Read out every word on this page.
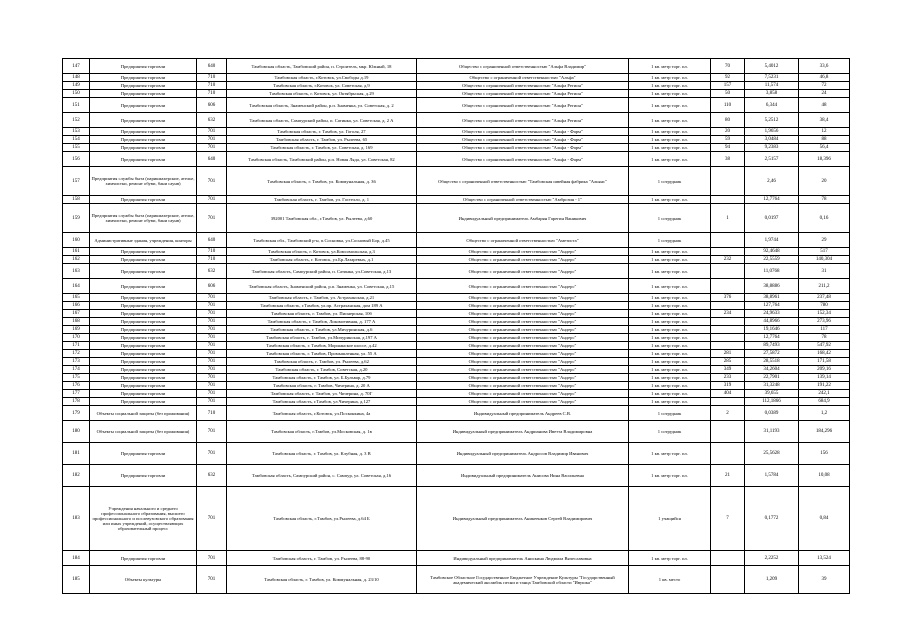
147	Предприятия торговли	640	Тамбовская область, Тамбовский район, п. Строитель, мкр. Южный, 18	Общество с ограниченной ответственностью "Альфа Владимир"	1 кв. метр торг. пл.	70	5,4012	33,6
148	Предприятия торговли	710	Тамбовская область, г.Котовск, ул.Свободы д.19	Общество с ограниченной ответственностью "Альфа"	1 кв. метр торг. пл.	92	7,5231	46,8
149	Предприятия торговли	710	Тамбовская область, г.Котовск, ул. Советская, д.9	Общество с ограниченной ответственностью "Альфа Регион"	1 кв. метр торг. пл.	157	11,574	72
150	Предприятия торговли	710	Тамбовская область, г. Котовск, ул. Октябрьская, д.29	Общество с ограниченной ответственностью "Альфа Регион"	1 кв. метр торг. пл.	50	3,858	24
151	Предприятия торговли	606	Тамбовская область, Знаменский район, р.п. Знаменка, ул. Советская, д. 2	Общество с ограниченной ответственностью "Альфа Регион"	1 кв. метр торг. пл.	110	6,344	48
152	Предприятия торговли	632	Тамбовская область, Сампурский район, п. Сатинка, ул. Советская, д. 2 А	Общество с ограниченной ответственностью "Альфа Регион"	1 кв. метр торг. пл.	80	5,2512	38,4
153	Предприятия торговли	701	Тамбовская область, г. Тамбов, ул. Гоголя, 27	Общество с ограниченной ответственностью "Альфа - Фарм"	1 кв. метр торг. пл.	20	1,9656	12
154	Предприятия торговли	701	Тамбовская область, г. Тамбов, ул. Рылеева, 65	Общество с ограниченной ответственностью "Альфа - Фарм"	1 кв. метр торг. пл.	59	3,0484	88
155	Предприятия торговли	701	Тамбовская область, г. Тамбов, ул. Советская, д. 169	Общество с ограниченной ответственностью "Альфа - Фарм"	1 кв. метр торг. пл.	94	9,2383	56,4
156	Предприятия торговли	640	Тамбовская область, Тамбовский район, р.п. Новая Ляда, ул. Советская, 82	Общество с ограниченной ответственностью "Альфа - Фарм"	1 кв. метр торг. пл.	38	2,5157	18,396
157	Предприятия службы быта (парикмахерские, ателье, химчистки, ремонт обуви, бани саунв)	701	Тамбовская область, г. Тамбов, ул. Коммунальная, д. 36	Общество с ограниченной ответственностью "Тамбовская швейная фабрика "Альянс"	1 сотрудник		2,46	20
158	Предприятия торговли	701	Тамбовская область, г. Тамбов, ул. Гастелло, д. 1	Общество с ограниченной ответственностью "Амброзия - 1"	1 кв. метр торг. пл.		12,7764	78
159	Предприятия службы быта (парикмахерские, ателье, химчистки, ремонт обуви, бани саунв)	701	392001 Тамбовская обл., г.Тамбов, ул. Рылеева, д.60	Индивидуальный предприниматель Амбарян Гарегин Ваникович	1 сотрудник	1	0,0197	0,16
160	Административные здания, учреждения, конторы	640	Тамбовская обл., Тамбовский р-н, п.Сосновка, ул.Сосновый Бор, д.45	Общество с ограниченной ответственностью "Аметиста"	1 сотрудник		1,9744	29
161	Предприятия торговли	710	Тамбовская область, г. Котовск, ул.Комсомольская, д.3	Общество с ограниченной ответственностью "Андерс"	1 кв. метр торг. пл.		92,4648	517
162	Предприятия торговли	710	Тамбовская область, г. Котовск, ул.Бр.Лазаревых, д.1	Общество с ограниченной ответственностью "Андерс"	1 кв. метр торг. пл.	232	22,5559	140,304
163	Предприятия торговли	632	Тамбовская область, Сампурский район, п. Сатинка, ул.Советская, д.13	Общество с ограниченной ответственностью "Андерс"	1 кв. метр торг. пл.		11,0768	31
164	Предприятия торговли	606	Тамбовская область, Знаменский район, р.п. Знаменка, ул. Советская, д.15	Общество с ограниченной ответственностью "Андерс"	1 кв. метр торг. пл.		38,8886	211,2
165	Предприятия торговли	701	Тамбовская область, г. Тамбов, ул. Астраханская, д.21	Общество с ограниченной ответственностью "Андерс"	1 кв. метр торг. пл.	376	38,8961	237,48
166	Предприятия торговли	701	Тамбовская область, г.Тамбов, ул.пр. Астраханская, дом 189 А	Общество с ограниченной ответственностью "Андерс"	1 кв. метр торг. пл.		127,764	780
167	Предприятия торговли	701	Тамбовская область, г. Тамбов, ул. Пионерская, 10б	Общество с ограниченной ответственностью "Андерс"	1 кв. метр торг. пл.	234	24,9633	152,34
168	Предприятия торговли	701	Тамбовская область, г. Тамбов, Локомотивная, д. 177 А	Общество с ограниченной ответственностью "Андерс"	1 кв. метр торг. пл.		44,8966	273,96
169	Предприятия торговли	701	Тамбовская область, г. Тамбов, ул.Мичуринская, д.6	Общество с ограниченной ответственностью "Андерс"	1 кв. метр торг. пл.		19,1646	117
170	Предприятия торговли	701	Тамбовская область, г. Тамбов, ул.Мичуринская, д.197 А	Общество с ограниченной ответственностью "Андерс"	1 кв. метр торг. пл.		12,7764	78
171	Предприятия торговли	701	Тамбовская область, г. Тамбов, Моршанское шоссе, д.42	Общество с ограниченной ответственностью "Андерс"	1 кв. метр торг. пл.		89,7493	547,92
172	Предприятия торговли	701	Тамбовская область, г. Тамбов, Промышленная, ул. 55 А	Общество с ограниченной ответственностью "Андерс"	1 кв. метр торг. пл.	281	27,5872	168,42
173	Предприятия торговли	701	Тамбовская область, г. Тамбов, ул. Рылеева, д.62	Общество с ограниченной ответственностью "Андерс"	1 кв. метр торг. пл.	285	28,5518	171,58
174	Предприятия торговли	701	Тамбовская область, г. Тамбов, Советская, д.20	Общество с ограниченной ответственностью "Андерс"	1 кв. метр торг. пл.	349	34,2604	209,16
175	Предприятия торговли	701	Тамбовская область, г. Тамбов, ул. Б.Бульвар, д.79	Общество с ограниченной ответственностью "Андерс"	1 кв. метр торг. пл.	233	22,7901	139,14
176	Предприятия торговли	701	Тамбовская область, г. Тамбов, Чичерина, д. 20 А	Общество с ограниченной ответственностью "Андерс"	1 кв. метр торг. пл.	319	31,3248	191,22
177	Предприятия торговли	701	Тамбовская область, г. Тамбов, ул. Чичерина, д. 70Г	Общество с ограниченной ответственностью "Андерс"	1 кв. метр торг. пл.	404	39,655	242,1
178	Предприятия торговли	701	Тамбовская область, г.Тамбов, ул.Чичерина, д.127	Общество с ограниченной ответственностью "Андерс"	1 кв. метр торг. пл.		112,1866	684,9
179	Объекты социальной защиты (без проживания)	710	Тамбовская область, г.Котовск, ул.Посконкина, 4а	Индивидуальный предприниматель Андреев С.В.	1 сотрудник	2	0,0389	1,2
180	Объекты социальной защиты (без проживания)	701	Тамбовская область, г.Тамбов, ул.Московская, д. 1в	Индивидуальный предприниматель Андрианова Иветта Владимировна	1 сотрудник		31,1193	184,296
181	Предприятия торговли	701	Тамбовская область, г. Тамбов, ул. Клубная, д. 3 В	Индивидуальный предприниматель Андросов Владимир Иванович	1 кв. метр торг. пл.		25,5628	156
182	Предприятия торговли	632	Тамбовская область, Сампурский район, с. Сампур, ул. Советская, д.16	Индивидуальный предприниматель Анисова Нина Васильевна	1 кв. метр торг. пл.	21	1,5784	10,08
183	Учреждения начального и среднего профессионального образования, высшего профессионального и послевузовского образования или иных учреждений, осуществляющих образовательный процесс	701	Тамбовская область, г.Тамбов, ул.Рылеева, д.64 Б	Индивидуальный предприниматель Аникеенков Сергей Владимирович	1 учащийся	7	0,1772	0,84
184	Предприятия торговли	701	Тамбовская область, г. Тамбов, ул. Рылеева, 88-90	Индивидуальный предприниматель Анискина Людмила Вячеславовна	1 кв. метр торг. пл.		2,2252	13,524
185	Объекты культуры	701	Тамбовская область, г. Тамбов, ул. Коммунальная, д. 23/10	Тамбовское Областное Государственное Бюджетное Учреждение Культуры "Государственный академический ансамбль песни и танца Тамбовской области "Ивушка"	1 кв. место		1,209	39
